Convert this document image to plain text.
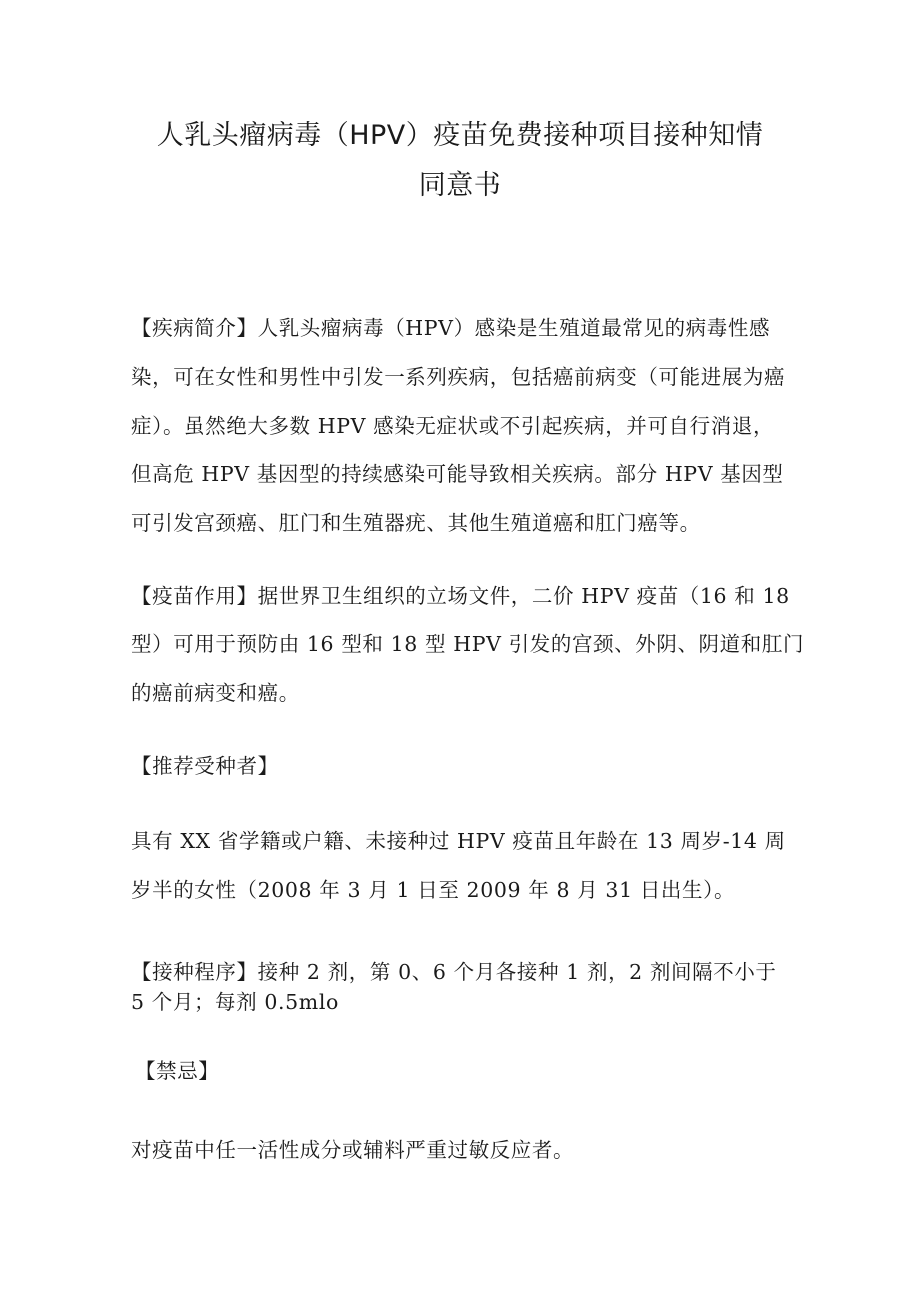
人乳头瘤病毒（HPV）疫苗免费接种项目接种知情
同意书
【疾病简介】人乳头瘤病毒（HPV）感染是生殖道最常见的病毒性感
染，可在女性和男性中引发一系列疾病，包括癌前病变（可能进展为癌
症）。虽然绝大多数 HPV 感染无症状或不引起疾病，并可自行消退，
但高危 HPV 基因型的持续感染可能导致相关疾病。部分 HPV 基因型
可引发宫颈癌、肛门和生殖器疣、其他生殖道癌和肛门癌等。
【疫苗作用】据世界卫生组织的立场文件，二价 HPV 疫苗（16 和 18
型）可用于预防由 16 型和 18 型 HPV 引发的宫颈、外阴、阴道和肛门
的癌前病变和癌。
【推荐受种者】
具有 XX 省学籍或户籍、未接种过 HPV 疫苗且年龄在 13 周岁-14 周
岁半的女性（2008 年 3 月 1 日至 2009 年 8 月 31 日出生）。
【接种程序】接种 2 剂，第 0、6 个月各接种 1 剂，2 剂间隔不小于
5 个月；每剂 0.5mlo
【禁忌】
对疫苗中任一活性成分或辅料严重过敏反应者。
